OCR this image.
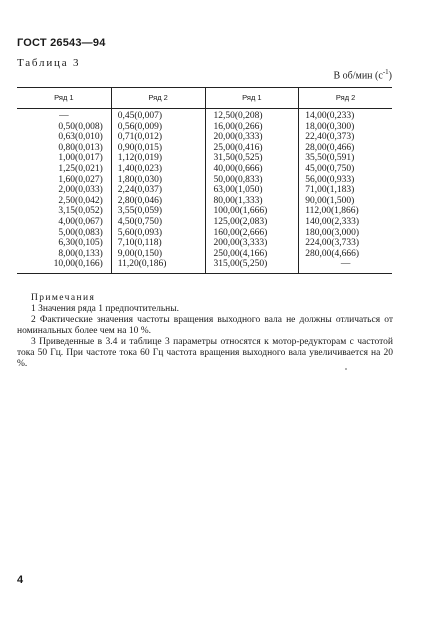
ГОСТ 26543—94
Таблица 3
В об/мин $(с^{-1})$
Ряд 1
—
0,50(0,008)
0,63(0,010)
0,80(0,013)
1,00(0,017)
1,25(0,021)
1,60(0,027)
2,00(0,033)
2,50(0,042)
3,15(0,052)
4,00(0,067)
5,00(0,083)
6,30(0,105)
8,00(0,133)
10,00(0,166)
Ряд 2
0,45(0,007)
0,56(0,009)
0,71(0,012)
0,90(0,015)
1,12(0,019)
1,40(0,023)
1,80(0,030)
2,24(0,037)
2,80(0,046)
3,55(0,059)
4,50(0,750)
5,60(0,093)
7,10(0,118)
9,00(0,150)
11,20(0,186)
Ряд 1
12,50(0,208)
16,00(0,266)
20,00(0,333)
25,00(0,416)
31,50(0,525)
40,00(0,666)
50,00(0,833)
63,00(1,050)
80,00(1,333)
100,00(1,666)
125,00(2,083)
160,00(2,666)
200,00(3,333)
250,00(4,166)
315,00(5,250)
Ряд 2
14,00(0,233)
18,00(0,300)
22,40(0,373)
28,00(0,466)
35,50(0,591)
45,00(0,750)
56,00(0,933)
71,00(1,183)
90,00(1,500)
112,00(1,866)
140,00(2,333)
180,00(3,000)
224,00(3,733)
280,00(4,666)
—
Примечания
1 Значения ряда 1 предпочтительны.
2 Фактические значения частоты вращения выходного вала не должны отличаться от номинальных более чем на 10 %.
3 Приведенные в 3.4 и таблице 3 параметры относятся к мотор-редукторам с частотой тока 50 Гц. При частоте тока 60 Гц частота вращения выходного вала увеличивается на 20 %.
4
